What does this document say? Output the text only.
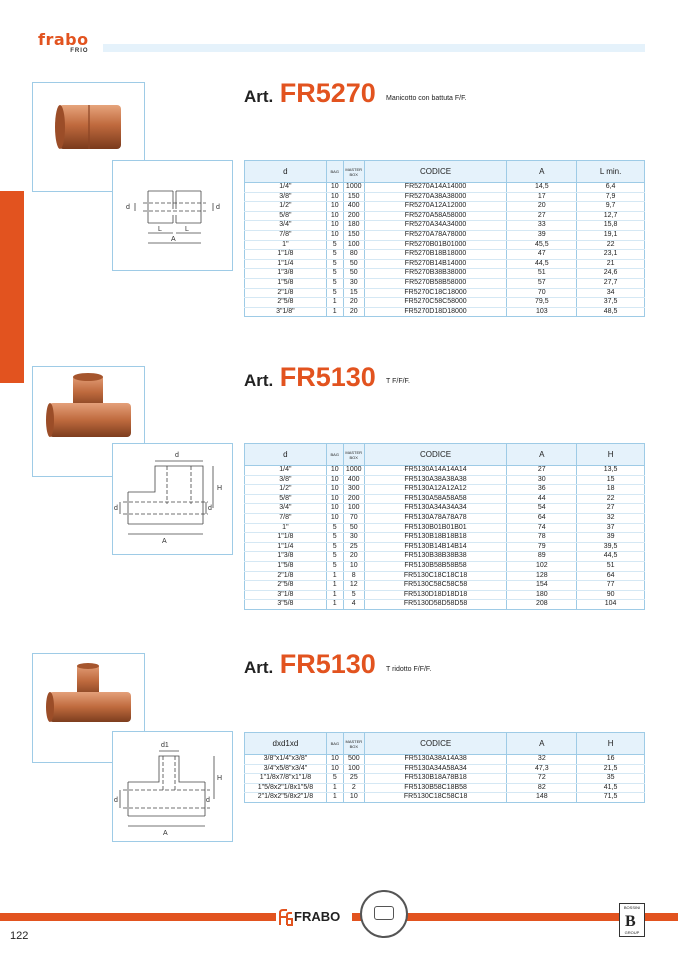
frabo
FRIO
d	d
L	L
A
Art. FR5270 Manicotto con battuta F/F.
d	BAG	MASTER BOX	CODICE	A	L min.
1/4"	10	1000	FR5270A14A14000	14,5	6,4
3/8"	10	150	FR5270A38A38000	17	7,9
1/2"	10	400	FR5270A12A12000	20	9,7
5/8"	10	200	FR5270A58A58000	27	12,7
3/4"	10	180	FR5270A34A34000	33	15,8
7/8"	10	150	FR5270A78A78000	39	19,1
1"	5	100	FR5270B01B01000	45,5	22
1"1/8	5	80	FR5270B18B18000	47	23,1
1"1/4	5	50	FR5270B14B14000	44,5	21
1"3/8	5	50	FR5270B38B38000	51	24,6
1"5/8	5	30	FR5270B58B58000	57	27,7
2"1/8	5	15	FR5270C18C18000	70	34
2"5/8	1	20	FR5270C58C58000	79,5	37,5
3"1/8"	1	20	FR5270D18D18000	103	48,5
d
d	d
A
H
Art. FR5130 T F/F/F.
d	BAG	MASTER BOX	CODICE	A	H
1/4"	10	1000	FR5130A14A14A14	27	13,5
3/8"	10	400	FR5130A38A38A38	30	15
1/2"	10	300	FR5130A12A12A12	36	18
5/8"	10	200	FR5130A58A58A58	44	22
3/4"	10	100	FR5130A34A34A34	54	27
7/8"	10	70	FR5130A78A78A78	64	32
1"	5	50	FR5130B01B01B01	74	37
1"1/8	5	30	FR5130B18B18B18	78	39
1"1/4	5	25	FR5130B14B14B14	79	39,5
1"3/8	5	20	FR5130B38B38B38	89	44,5
1"5/8	5	10	FR5130B58B58B58	102	51
2"1/8	1	8	FR5130C18C18C18	128	64
2"5/8	1	12	FR5130C58C58C58	154	77
3"1/8	1	5	FR5130D18D18D18	180	90
3"5/8	1	4	FR5130D58D58D58	208	104
d1
d	d
A
H
Art. FR5130 T ridotto F/F/F.
dxd1xd	BAG	MASTER BOX	CODICE	A	H
3/8"x1/4"x3/8"	10	500	FR5130A38A14A38	32	16
3/4"x5/8"x3/4"	10	100	FR5130A34A58A34	47,3	21,5
1"1/8x7/8"x1"1/8	5	25	FR5130B18A78B18	72	35
1"5/8x2"1/8x1"5/8	1	2	FR5130B58C18B58	82	41,5
2"1/8x2"5/8x2"1/8	1	10	FR5130C18C58C18	148	71,5
FRABO
BOSSINI
B
GROUP
122
